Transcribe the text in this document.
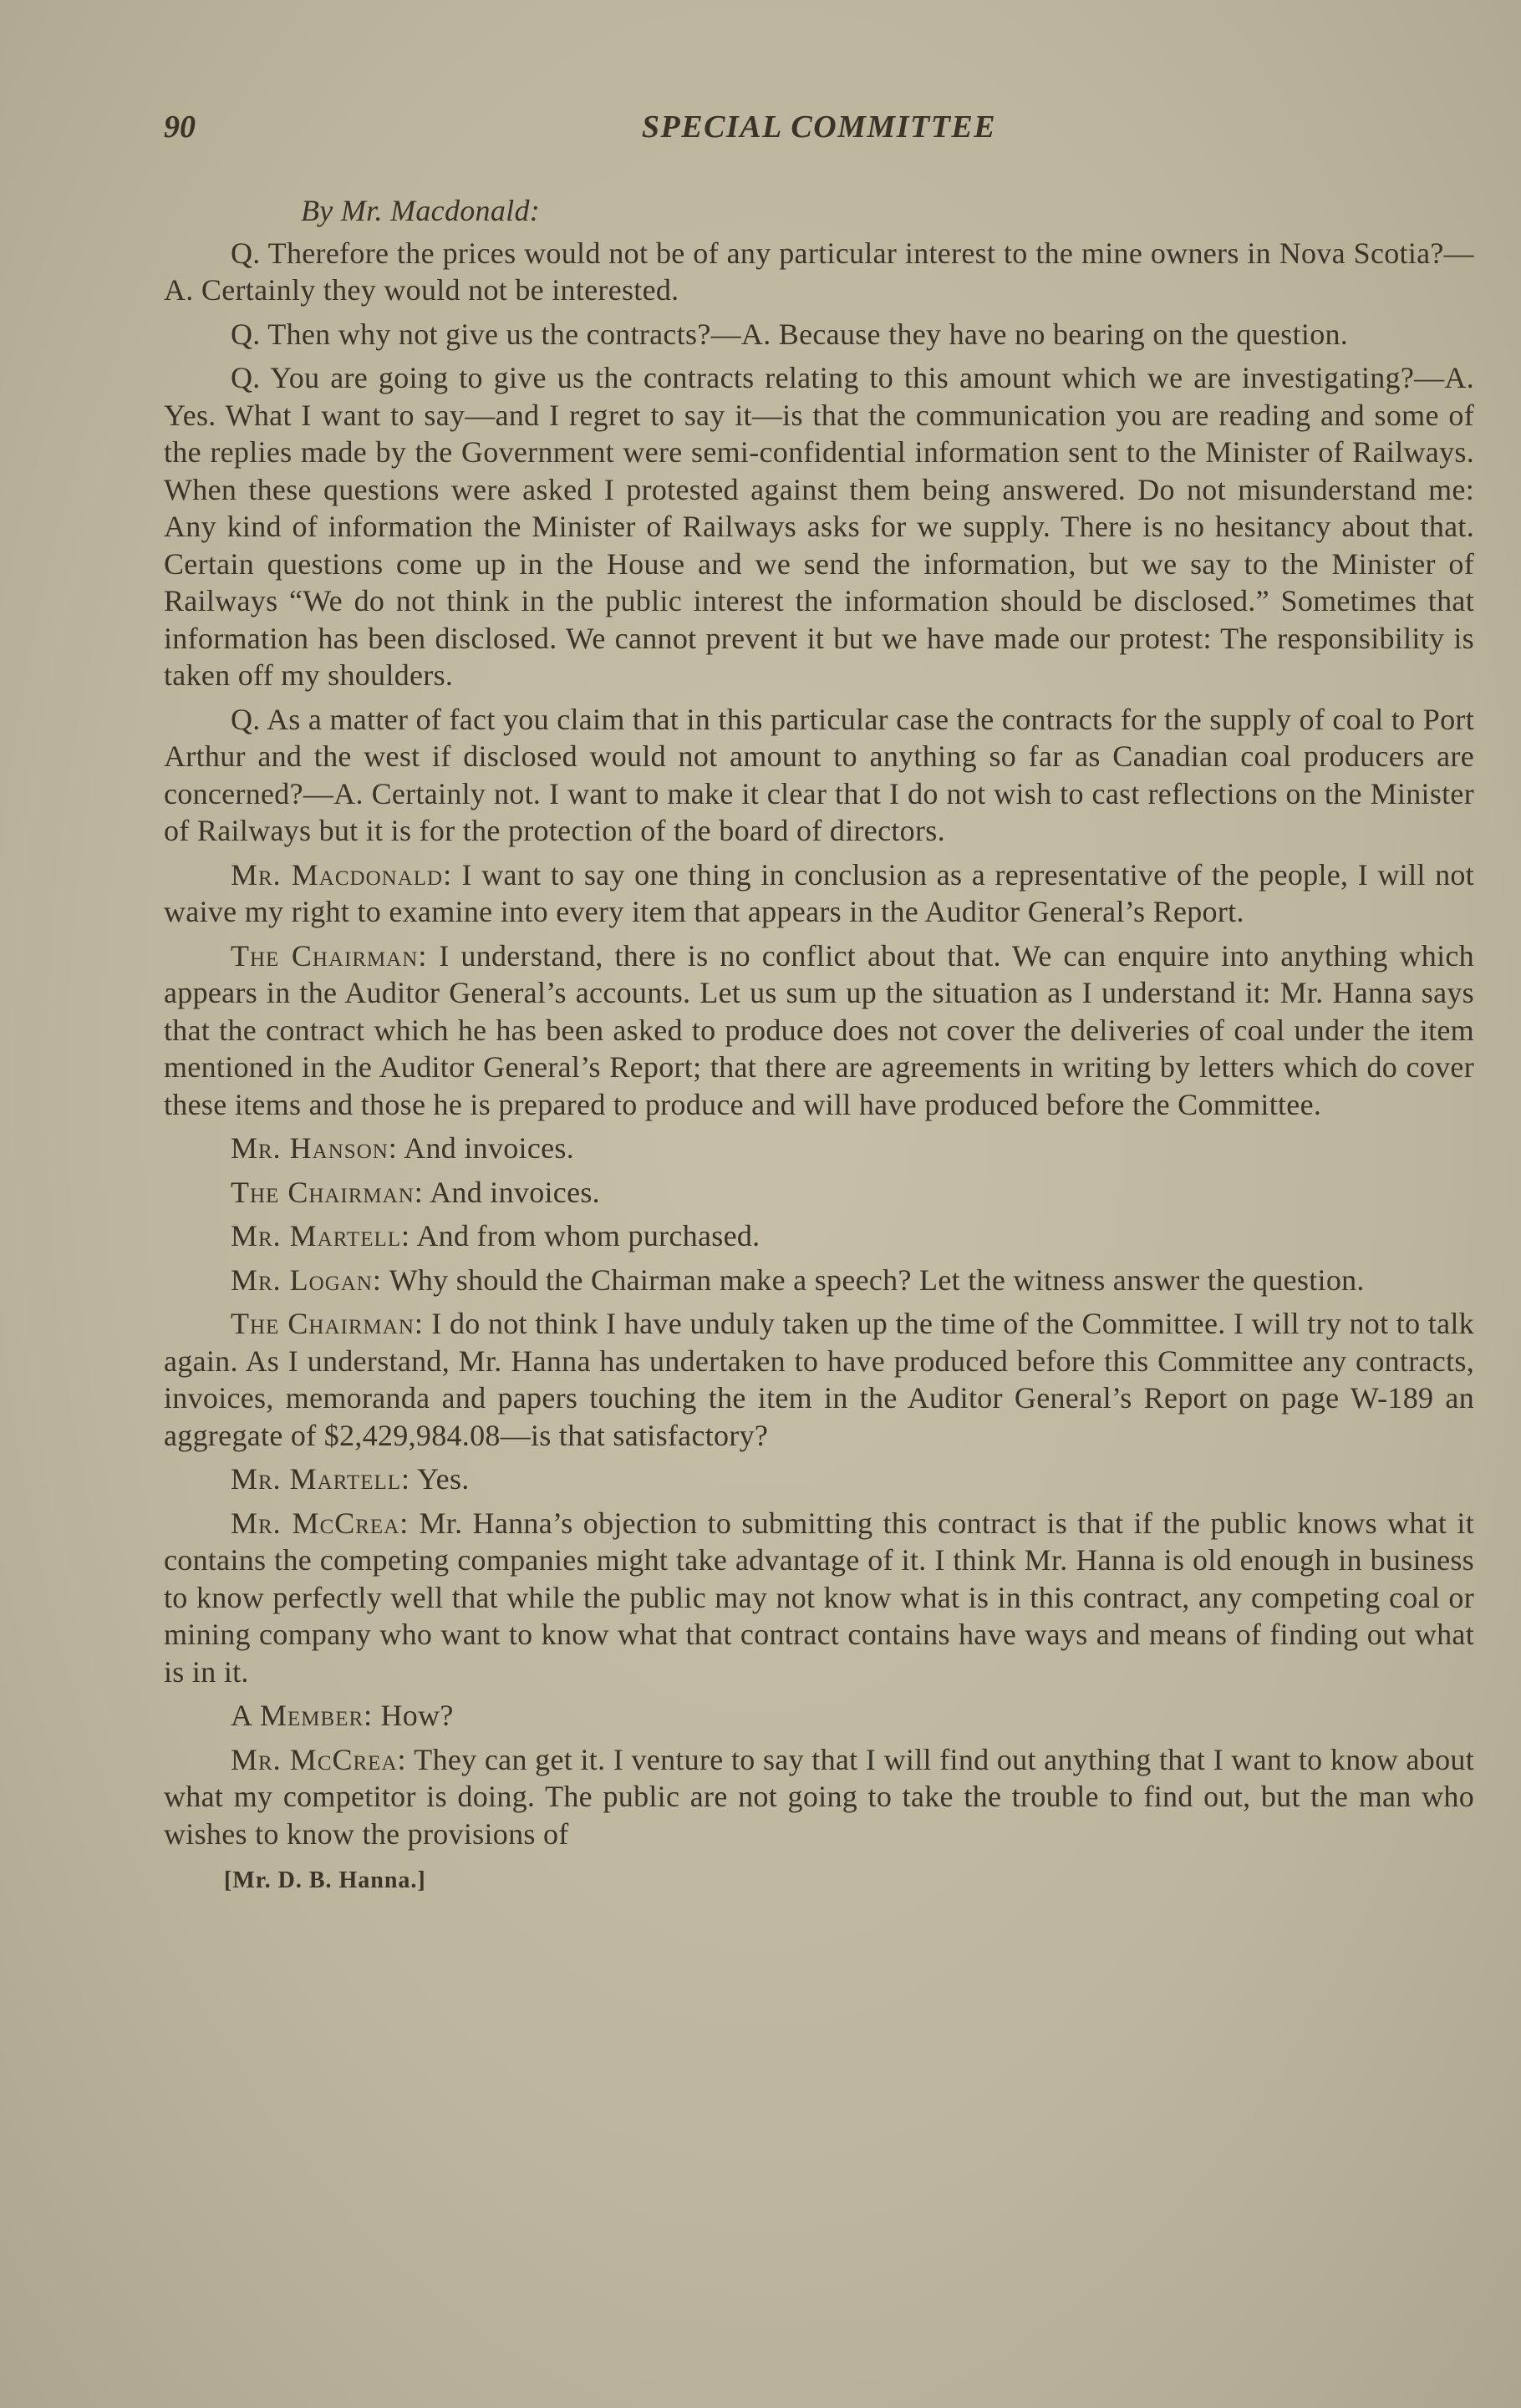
90	SPECIAL COMMITTEE
By Mr. Macdonald:

Q. Therefore the prices would not be of any particular interest to the mine owners in Nova Scotia?—A. Certainly they would not be interested.

Q. Then why not give us the contracts?—A. Because they have no bearing on the question.

Q. You are going to give us the contracts relating to this amount which we are investigating?—A. Yes. What I want to say—and I regret to say it—is that the communication you are reading and some of the replies made by the Government were semi-confidential information sent to the Minister of Railways. When these questions were asked I protested against them being answered. Do not misunderstand me: Any kind of information the Minister of Railways asks for we supply. There is no hesitancy about that. Certain questions come up in the House and we send the information, but we say to the Minister of Railways “We do not think in the public interest the information should be disclosed.” Sometimes that information has been disclosed. We cannot prevent it but we have made our protest: The responsibility is taken off my shoulders.

Q. As a matter of fact you claim that in this particular case the contracts for the supply of coal to Port Arthur and the west if disclosed would not amount to anything so far as Canadian coal producers are concerned?—A. Certainly not. I want to make it clear that I do not wish to cast reflections on the Minister of Railways but it is for the protection of the board of directors.

Mr. Macdonald: I want to say one thing in conclusion as a representative of the people, I will not waive my right to examine into every item that appears in the Auditor General’s Report.

The Chairman: I understand, there is no conflict about that. We can enquire into anything which appears in the Auditor General’s accounts. Let us sum up the situation as I understand it: Mr. Hanna says that the contract which he has been asked to produce does not cover the deliveries of coal under the item mentioned in the Auditor General’s Report; that there are agreements in writing by letters which do cover these items and those he is prepared to produce and will have produced before the Committee.

Mr. Hanson: And invoices.

The Chairman: And invoices.

Mr. Martell: And from whom purchased.

Mr. Logan: Why should the Chairman make a speech? Let the witness answer the question.

The Chairman: I do not think I have unduly taken up the time of the Committee. I will try not to talk again. As I understand, Mr. Hanna has undertaken to have produced before this Committee any contracts, invoices, memoranda and papers touching the item in the Auditor General’s Report on page W-189 an aggregate of $2,429,984.08—is that satisfactory?

Mr. Martell: Yes.

Mr. McCrea: Mr. Hanna’s objection to submitting this contract is that if the public knows what it contains the competing companies might take advantage of it. I think Mr. Hanna is old enough in business to know perfectly well that while the public may not know what is in this contract, any competing coal or mining company who want to know what that contract contains have ways and means of finding out what is in it.

A Member: How?

Mr. McCrea: They can get it. I venture to say that I will find out anything that I want to know about what my competitor is doing. The public are not going to take the trouble to find out, but the man who wishes to know the provisions of

[Mr. D. B. Hanna.]
